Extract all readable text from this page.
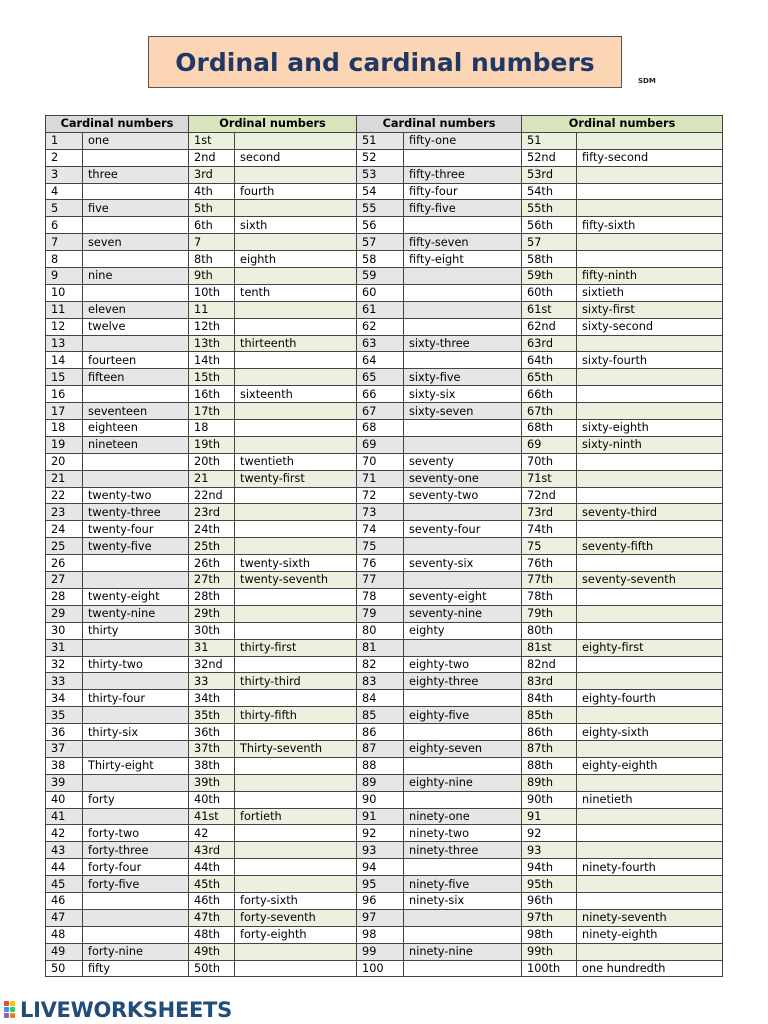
Ordinal and cardinal numbers
SDM
Cardinal numbers		Ordinal numbers		Cardinal numbers		Ordinal numbers	
1	one	1st		51	fifty-one	51	
2		2nd	second	52		52nd	fifty-second
3	three	3rd		53	fifty-three	53rd	
4		4th	fourth	54	fifty-four	54th	
5	five	5th		55	fifty-five	55th	
6		6th	sixth	56		56th	fifty-sixth
7	seven	7		57	fifty-seven	57	
8		8th	eighth	58	fifty-eight	58th	
9	nine	9th		59		59th	fifty-ninth
10		10th	tenth	60		60th	sixtieth
11	eleven	11		61		61st	sixty-first
12	twelve	12th		62		62nd	sixty-second
13		13th	thirteenth	63	sixty-three	63rd	
14	fourteen	14th		64		64th	sixty-fourth
15	fifteen	15th		65	sixty-five	65th	
16		16th	sixteenth	66	sixty-six	66th	
17	seventeen	17th		67	sixty-seven	67th	
18	eighteen	18		68		68th	sixty-eighth
19	nineteen	19th		69		69	sixty-ninth
20		20th	twentieth	70	seventy	70th	
21		21	twenty-first	71	seventy-one	71st	
22	twenty-two	22nd		72	seventy-two	72nd	
23	twenty-three	23rd		73		73rd	seventy-third
24	twenty-four	24th		74	seventy-four	74th	
25	twenty-five	25th		75		75	seventy-fifth
26		26th	twenty-sixth	76	seventy-six	76th	
27		27th	twenty-seventh	77		77th	seventy-seventh
28	twenty-eight	28th		78	seventy-eight	78th	
29	twenty-nine	29th		79	seventy-nine	79th	
30	thirty	30th		80	eighty	80th	
31		31	thirty-first	81		81st	eighty-first
32	thirty-two	32nd		82	eighty-two	82nd	
33		33	thirty-third	83	eighty-three	83rd	
34	thirty-four	34th		84		84th	eighty-fourth
35		35th	thirty-fifth	85	eighty-five	85th	
36	thirty-six	36th		86		86th	eighty-sixth
37		37th	Thirty-seventh	87	eighty-seven	87th	
38	Thirty-eight	38th		88		88th	eighty-eighth
39		39th		89	eighty-nine	89th	
40	forty	40th		90		90th	ninetieth
41		41st	fortieth	91	ninety-one	91	
42	forty-two	42		92	ninety-two	92	
43	forty-three	43rd		93	ninety-three	93	
44	forty-four	44th		94		94th	ninety-fourth
45	forty-five	45th		95	ninety-five	95th	
46		46th	forty-sixth	96	ninety-six	96th	
47		47th	forty-seventh	97		97th	ninety-seventh
48		48th	forty-eighth	98		98th	ninety-eighth
49	forty-nine	49th		99	ninety-nine	99th	
50	fifty	50th		100		100th	one hundredth
LIVEWORKSHEETS
